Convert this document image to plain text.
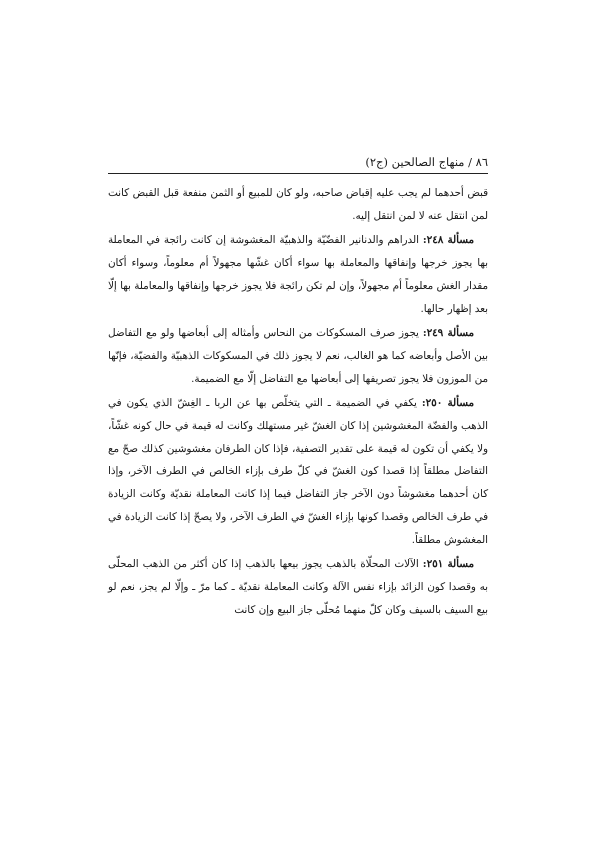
٨٦ / منهاج الصالحين (ج٢)

قبض أحدهما لم يجب عليه إقباض صاحبه، ولو كان للمبيع أو الثمن منفعة قبل القبض كانت لمن انتقل عنه لا لمن انتقل إليه.

مسألة ٢٤٨: الدراهم والدنانير الفضّيّة والذهبيّة المغشوشة إن كانت رائجة في المعاملة بها يجوز خرجها وإنفاقها والمعاملة بها سواء أكان غشّها مجهولاً أم معلوماً، وسواء أكان مقدار الغش معلوماً أم مجهولاً، وإن لم تكن رائجة فلا يجوز خرجها وإنفاقها والمعاملة بها إلّا بعد إظهار حالها.

مسألة ٢٤٩: يجوز صرف المسكوكات من النحاس وأمثاله إلى أبعاضها ولو مع التفاضل بين الأصل وأبعاضه كما هو الغالب، نعم لا يجوز ذلك في المسكوكات الذهبيّة والفضيّة، فإنّها من الموزون فلا يجوز تصريفها إلى أبعاضها مع التفاضل إلّا مع الضميمة.

مسألة ٢٥٠: يكفي في الضميمة ـ التي يتخلّص بها عن الربا ـ الغِشّ الذي يكون في الذهب والفضّة المغشوشين إذا كان الغشّ غير مستهلك وكانت له قيمة في حال كونه غشّاً، ولا يكفي أن تكون له قيمة على تقدير التصفية، فإذا كان الطرفان مغشوشين كذلك صحّ مع التفاضل مطلقاً إذا قصدا كون الغشّ في كلّ طرف بإزاء الخالص في الطرف الآخر، وإذا كان أحدهما مغشوشاً دون الآخر جاز التفاضل فيما إذا كانت المعاملة نقديّة وكانت الزيادة في طرف الخالص وقصدا كونها بإزاء الغشّ في الطرف الآخر، ولا يصحّ إذا كانت الزيادة في المغشوش مطلقاً.

مسألة ٢٥١: الآلات المحلّاة بالذهب يجوز بيعها بالذهب إذا كان أكثر من الذهب المحلّى به وقصدا كون الزائد بإزاء نفس الآلة وكانت المعاملة نقديّة ـ كما مرّ ـ وإلّا لم يجز، نعم لو بيع السيف بالسيف وكان كلّ منهما مُحلّى جاز البيع وإن كانت
